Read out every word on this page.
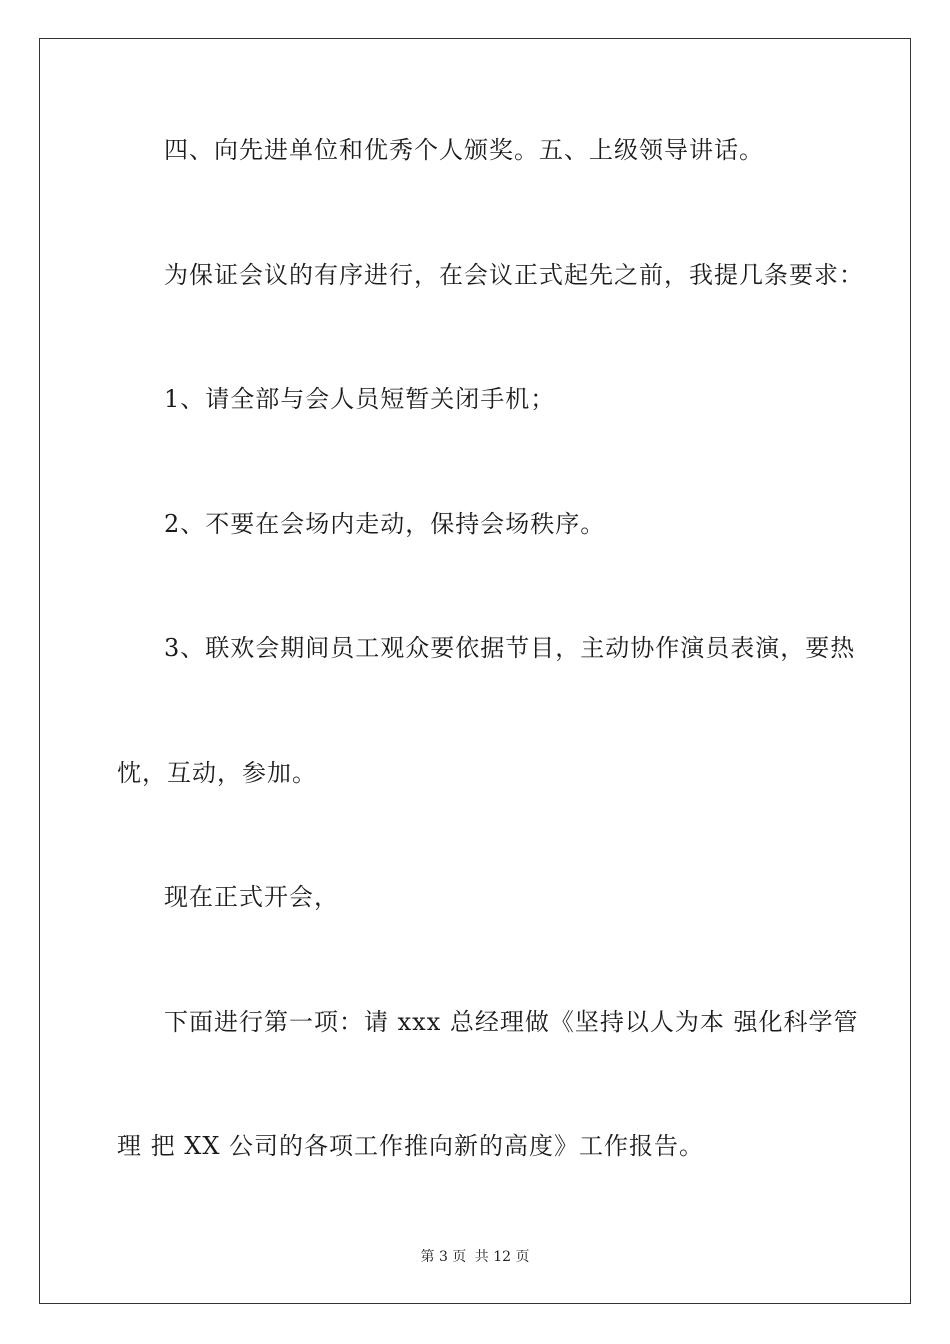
四、向先进单位和优秀个人颁奖。五、上级领导讲话。
为保证会议的有序进行，在会议正式起先之前，我提几条要求：
1、请全部与会人员短暂关闭手机；
2、不要在会场内走动，保持会场秩序。
3、联欢会期间员工观众要依据节目，主动协作演员表演，要热
忱，互动，参加。
现在正式开会，
下面进行第一项：请 xxx 总经理做《坚持以人为本 强化科学管
理 把 XX 公司的各项工作推向新的高度》工作报告。
第 3 页 共 12 页
